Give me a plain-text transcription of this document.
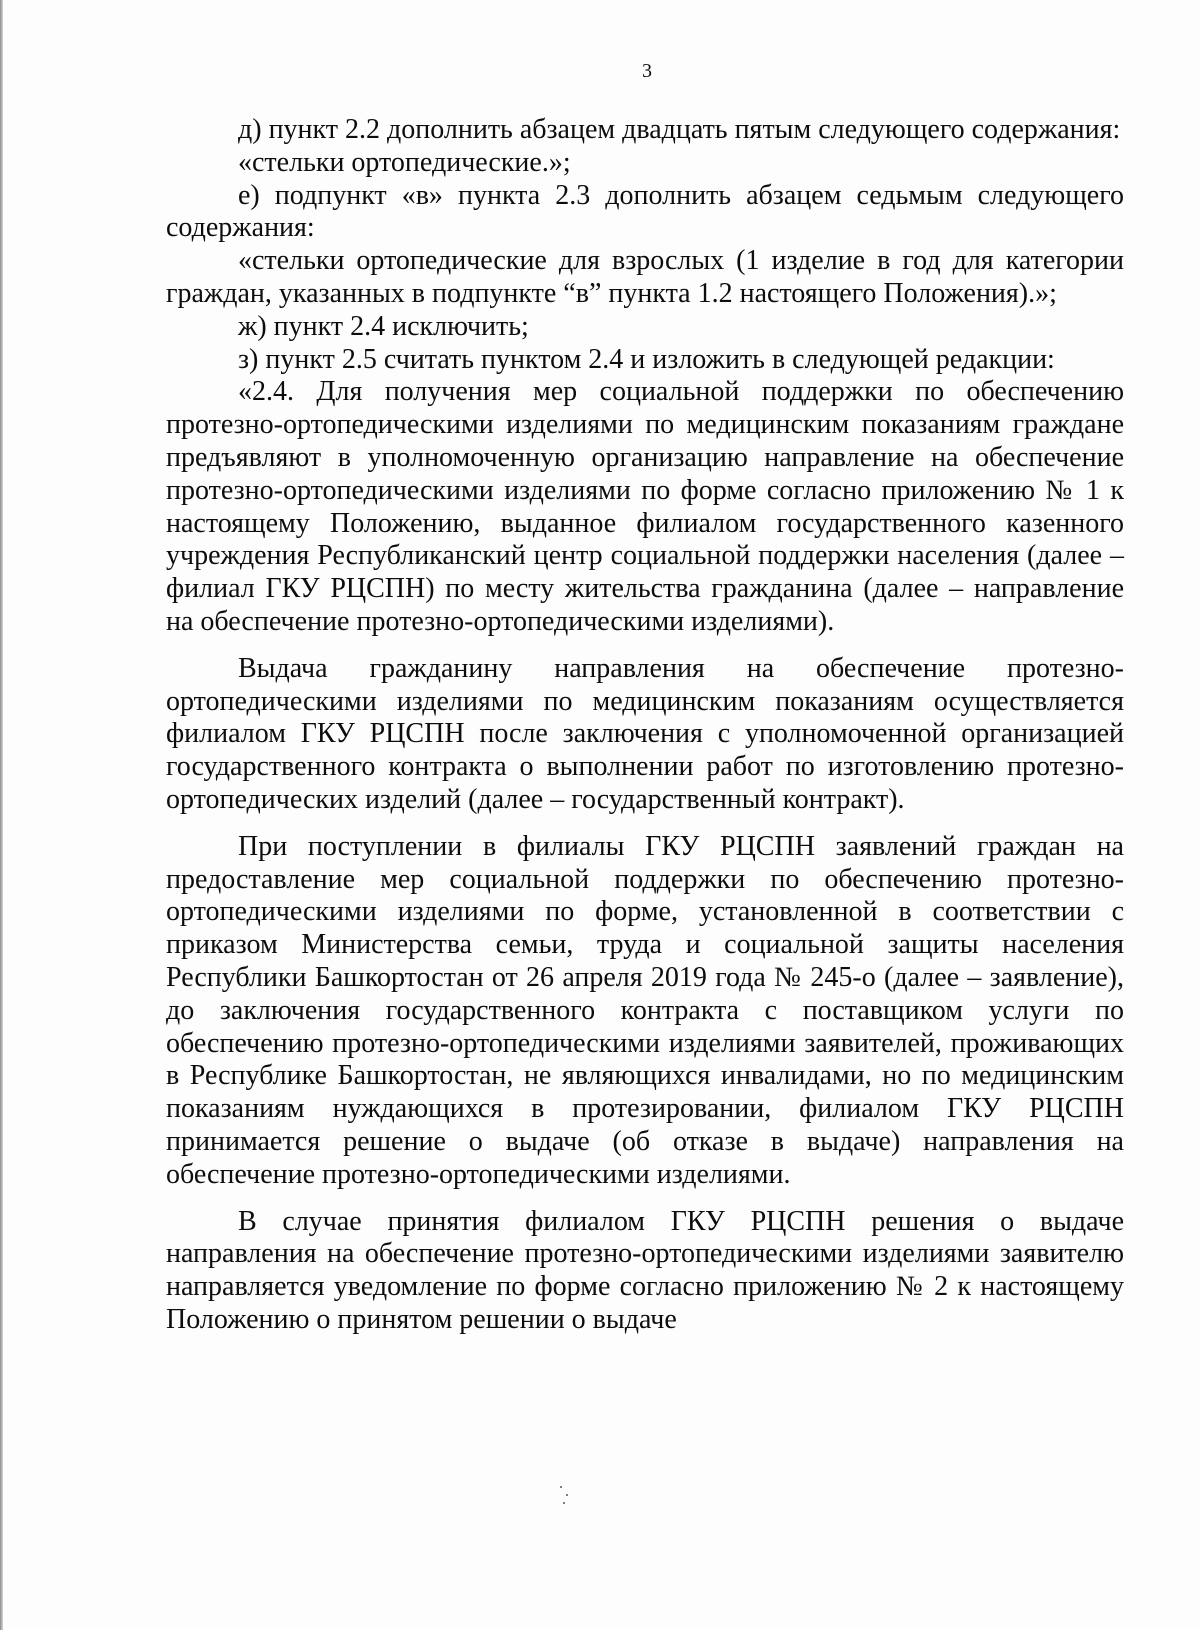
3

д) пункт 2.2 дополнить абзацем двадцать пятым следующего содержания:

«стельки ортопедические.»;

е) подпункт «в» пункта 2.3 дополнить абзацем седьмым следующего содержания:

«стельки ортопедические для взрослых (1 изделие в год для категории граждан, указанных в подпункте “в” пункта 1.2 настоящего Положения).»;

ж) пункт 2.4 исключить;

з) пункт 2.5 считать пунктом 2.4 и изложить в следующей редакции:

«2.4. Для получения мер социальной поддержки по обеспечению протезно-ортопедическими изделиями по медицинским показаниям граждане предъявляют в уполномоченную организацию направление на обеспечение протезно-ортопедическими изделиями по форме согласно приложению № 1 к настоящему Положению, выданное филиалом государственного казенного учреждения Республиканский центр социальной поддержки населения (далее – филиал ГКУ РЦСПН) по месту жительства гражданина (далее – направление на обеспечение протезно-ортопедическими изделиями).

Выдача гражданину направления на обеспечение протезно-ортопедическими изделиями по медицинским показаниям осуществляется филиалом ГКУ РЦСПН после заключения с уполномоченной организацией государственного контракта о выполнении работ по изготовлению протезно-ортопедических изделий (далее – государственный контракт).

При поступлении в филиалы ГКУ РЦСПН заявлений граждан на предоставление мер социальной поддержки по обеспечению протезно-ортопедическими изделиями по форме, установленной в соответствии с приказом Министерства семьи, труда и социальной защиты населения Республики Башкортостан от 26 апреля 2019 года № 245-о (далее – заявление), до заключения государственного контракта с поставщиком услуги по обеспечению протезно-ортопедическими изделиями заявителей, проживающих в Республике Башкортостан, не являющихся инвалидами, но по медицинским показаниям нуждающихся в протезировании, филиалом ГКУ РЦСПН принимается решение о выдаче (об отказе в выдаче) направления на обеспечение протезно-ортопедическими изделиями.

В случае принятия филиалом ГКУ РЦСПН решения о выдаче направления на обеспечение протезно-ортопедическими изделиями заявителю направляется уведомление по форме согласно приложению № 2 к настоящему Положению о принятом решении о выдаче
